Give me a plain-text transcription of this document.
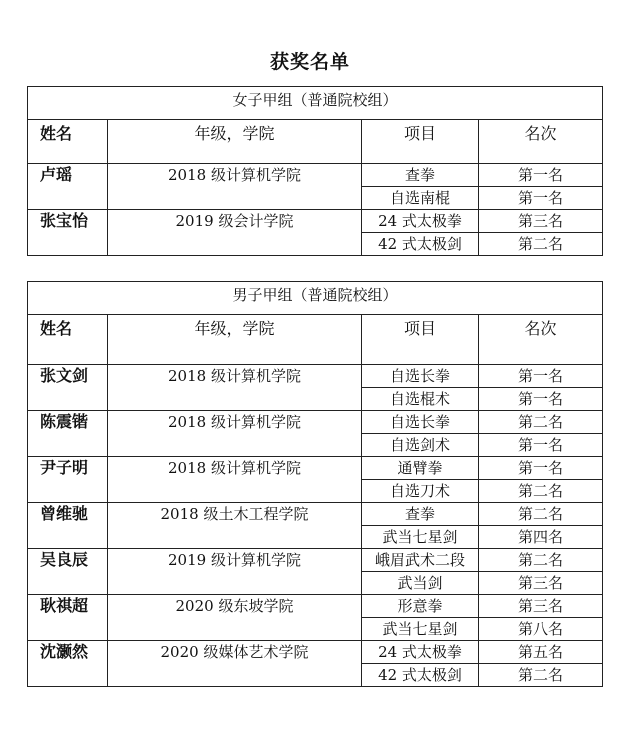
获奖名单
女子甲组（普通院校组）			
姓名	年级，学院	项目	名次
卢瑶	2018 级计算机学院	查拳	第一名
		自选南棍	第一名
张宝怡	2019 级会计学院	24 式太极拳	第三名
		42 式太极剑	第二名
男子甲组（普通院校组）			
姓名	年级，学院	项目	名次
张文剑	2018 级计算机学院	自选长拳	第一名
		自选棍术	第一名
陈震锴	2018 级计算机学院	自选长拳	第二名
		自选剑术	第一名
尹子明	2018 级计算机学院	通臂拳	第一名
		自选刀术	第二名
曾维驰	2018 级土木工程学院	查拳	第二名
		武当七星剑	第四名
吴良辰	2019 级计算机学院	峨眉武术二段	第二名
		武当剑	第三名
耿祺超	2020 级东坡学院	形意拳	第三名
		武当七星剑	第八名
沈灏然	2020 级媒体艺术学院	24 式太极拳	第五名
		42 式太极剑	第二名
